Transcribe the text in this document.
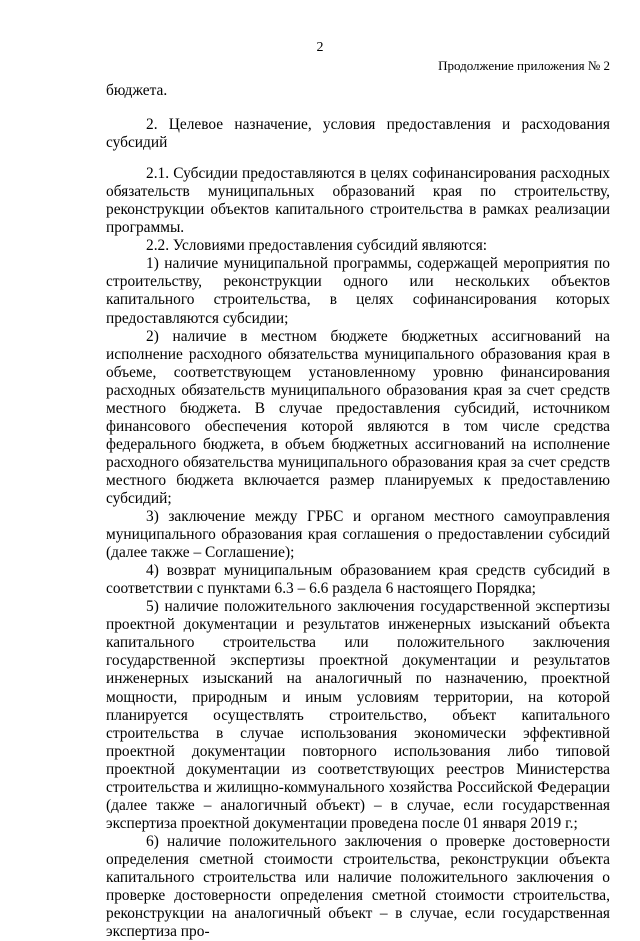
2
Продолжение приложения № 2

бюджета.

2. Целевое назначение, условия предоставления и расходования субсидий

2.1. Субсидии предоставляются в целях софинансирования расходных обязательств муниципальных образований края по строительству, реконструкции объектов капитального строительства в рамках реализации программы.

2.2. Условиями предоставления субсидий являются:

1) наличие муниципальной программы, содержащей мероприятия по строительству, реконструкции одного или нескольких объектов капитального строительства, в целях софинансирования которых предоставляются субсидии;

2) наличие в местном бюджете бюджетных ассигнований на исполнение расходного обязательства муниципального образования края в объеме, соответствующем установленному уровню финансирования расходных обязательств муниципального образования края за счет средств местного бюджета. В случае предоставления субсидий, источником финансового обеспечения которой являются в том числе средства федерального бюджета, в объем бюджетных ассигнований на исполнение расходного обязательства муниципального образования края за счет средств местного бюджета включается размер планируемых к предоставлению субсидий;

3) заключение между ГРБС и органом местного самоуправления муниципального образования края соглашения о предоставлении субсидий (далее также – Соглашение);

4) возврат муниципальным образованием края средств субсидий в соответствии с пунктами 6.3 – 6.6 раздела 6 настоящего Порядка;

5) наличие положительного заключения государственной экспертизы проектной документации и результатов инженерных изысканий объекта капитального строительства или положительного заключения государственной экспертизы проектной документации и результатов инженерных изысканий на аналогичный по назначению, проектной мощности, природным и иным условиям территории, на которой планируется осуществлять строительство, объект капитального строительства в случае использования экономически эффективной проектной документации повторного использования либо типовой проектной документации из соответствующих реестров Министерства строительства и жилищно-коммунального хозяйства Российской Федерации (далее также – аналогичный объект) – в случае, если государственная экспертиза проектной документации проведена после 01 января 2019 г.;

6) наличие положительного заключения о проверке достоверности определения сметной стоимости строительства, реконструкции объекта капитального строительства или наличие положительного заключения о проверке достоверности определения сметной стоимости строительства, реконструкции на аналогичный объект – в случае, если государственная экспертиза про-
